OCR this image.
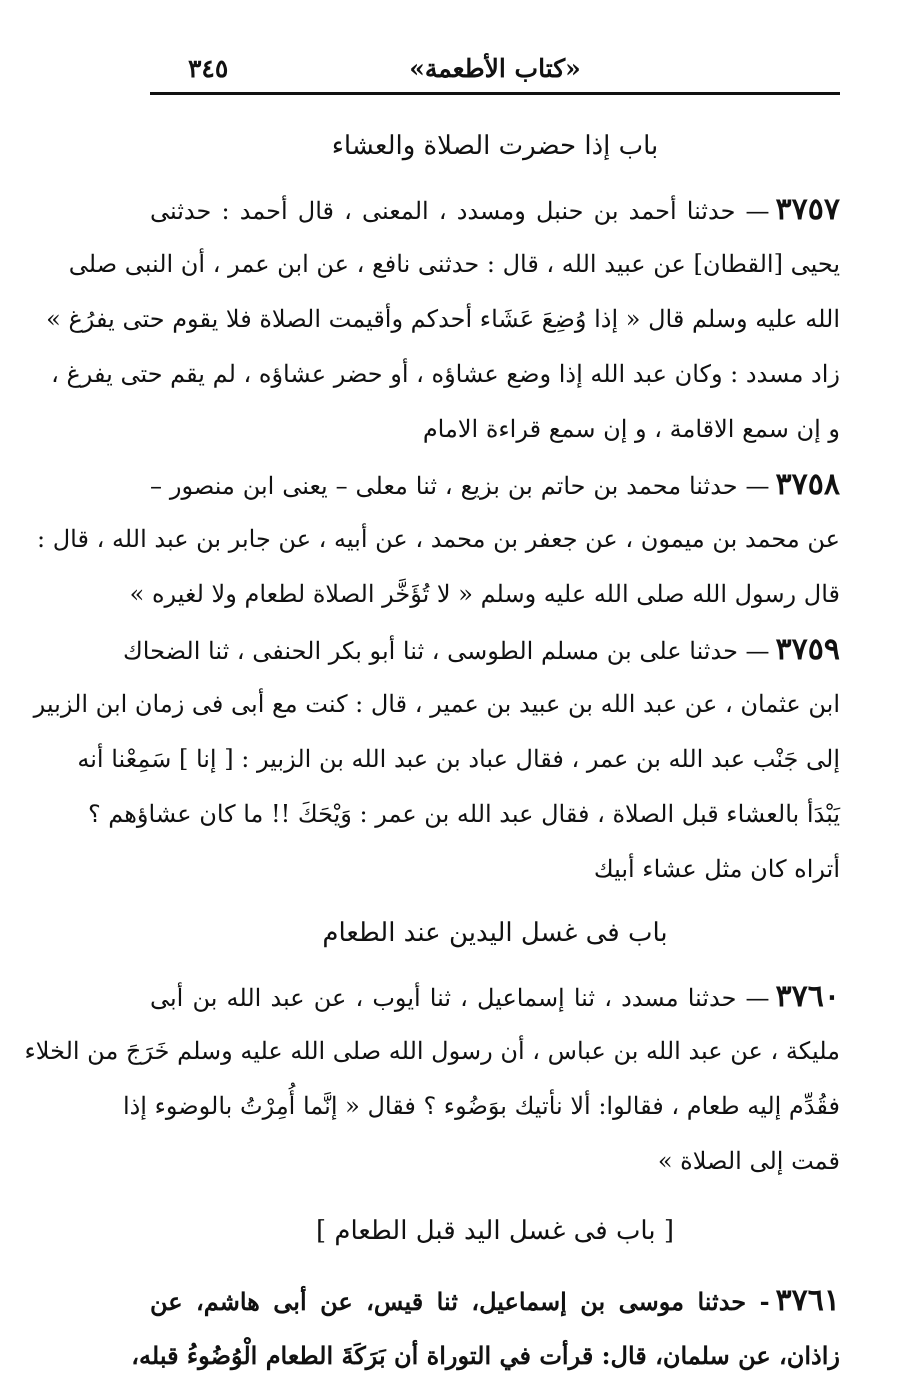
«كتاب الأطعمة»
٣٤٥
باب إذا حضرت الصلاة والعشاء
٣٧٥٧— حدثنا أحمد بن حنبل ومسدد ، المعنى ، قال أحمد : حدثنى
يحيى [القطان] عن عبيد الله ، قال : حدثنى نافع ، عن ابن عمر ، أن النبى صلى
الله عليه وسلم قال « إذا وُضِعَ عَشَاء أحدكم وأقيمت الصلاة فلا يقوم حتى يفرُغ »
زاد مسدد : وكان عبد الله إذا وضع عشاؤه ، أو حضر عشاؤه ، لم يقم حتى يفرغ ،
و إن سمع الاقامة ، و إن سمع قراءة الامام
٣٧٥٨— حدثنا محمد بن حاتم بن بزيع ، ثنا معلى – يعنى ابن منصور –
عن محمد بن ميمون ، عن جعفر بن محمد ، عن أبيه ، عن جابر بن عبد الله ، قال :
قال رسول الله صلى الله عليه وسلم « لا تُؤَخَّر الصلاة لطعام ولا لغيره »
٣٧٥٩— حدثنا على بن مسلم الطوسى ، ثنا أبو بكر الحنفى ، ثنا الضحاك
ابن عثمان ، عن عبد الله بن عبيد بن عمير ، قال : كنت مع أبى فى زمان ابن الزبير
إلى جَنْب عبد الله بن عمر ، فقال عباد بن عبد الله بن الزبير : [ إنا ] سَمِعْنا أنه
يَبْدَأ بالعشاء قبل الصلاة ، فقال عبد الله بن عمر : وَيْحَكَ !! ما كان عشاؤهم ؟
أتراه كان مثل عشاء أبيك
باب فى غسل اليدين عند الطعام
٣٧٦٠— حدثنا مسدد ، ثنا إسماعيل ، ثنا أيوب ، عن عبد الله بن أبى
مليكة ، عن عبد الله بن عباس ، أن رسول الله صلى الله عليه وسلم خَرَجَ من الخلاء
فقُدِّم إليه طعام ، فقالوا: ألا نأتيك بوَضُوء ؟ فقال « إنَّما أُمِرْتُ بالوضوء إذا
قمت إلى الصلاة »
[ باب فى غسل اليد قبل الطعام ]
٣٧٦١- حدثنا موسى بن إسماعيل، ثنا قيس، عن أبى هاشم، عن
زاذان، عن سلمان، قال: قرأت في التوراة أن بَرَكَةَ الطعام الْوُضُوءُ قبله،
